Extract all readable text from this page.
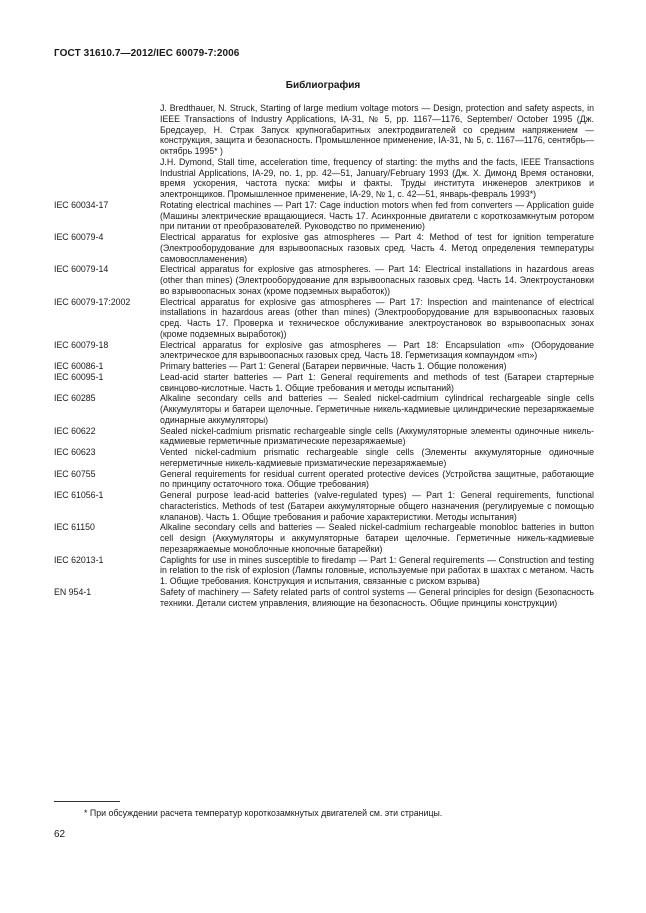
ГОСТ 31610.7—2012/IEC 60079-7:2006
Библиография
J. Bredthauer, N. Struck, Starting of large medium voltage motors — Design, protection and safety aspects, in IEEE Transactions of Industry Applications, IA-31, № 5, pp. 1167—1176, September/ October 1995 (Дж. Бредсауер, Н. Страк Запуск крупногабаритных электродвигателей со средним напряжением — конструкция, защита и безопасность. Промышленное применение, IA-31, № 5, с. 1167—1176, сентябрь—октябрь 1995* )
J.H. Dymond, Stall time, acceleration time, frequency of starting: the myths and the facts, IEEE Transactions Industrial Applications, IA-29, no. 1, pp. 42—51, January/February 1993 (Дж. Х. Димонд Время остановки, время ускорения, частота пуска: мифы и факты. Труды института инженеров электриков и электронщиков. Промышленное применение, IA-29, № 1, с. 42—51, январь-февраль 1993*)
IEC 60034-17	Rotating electrical machines — Part 17: Cage induction motors when fed from converters — Application guide (Машины электрические вращающиеся. Часть 17. Асинхронные двигатели с короткозамкнутым ротором при питании от преобразователей. Руководство по применению)
IEC 60079-4	Electrical apparatus for explosive gas atmospheres — Part 4: Method of test for ignition temperature (Электрооборудование для взрывоопасных газовых сред. Часть 4. Метод определения температуры самовоспламенения)
IEC 60079-14	Electrical apparatus for explosive gas atmospheres. — Part 14: Electrical installations in hazardous areas (other than mines) (Электрооборудование для взрывоопасных газовых сред. Часть 14. Электроустановки во взрывоопасных зонах (кроме подземных выработок))
IEC 60079-17:2002	Electrical apparatus for explosive gas atmospheres — Part 17: Inspection and maintenance of electrical installations in hazardous areas (other than mines) (Электрооборудование для взрывоопасных газовых сред. Часть 17. Проверка и техническое обслуживание электроустановок во взрывоопасных зонах (кроме подземных выработок))
IEC 60079-18	Electrical apparatus for explosive gas atmospheres — Part 18: Encapsulation «m» (Оборудование электрическое для взрывоопасных газовых сред. Часть 18. Герметизация компаундом «m»)
IEC 60086-1	Primary batteries — Part 1: General (Батареи первичные. Часть 1. Общие положения)
IEC 60095-1	Lead-acid starter batteries — Part 1: General requirements and methods of test (Батареи стартерные свинцово-кислотные. Часть 1. Общие требования и методы испытаний)
IEC 60285	Alkaline secondary cells and batteries — Sealed nickel-cadmium cylindrical rechargeable single cells (Аккумуляторы и батареи щелочные. Герметичные никель-кадмиевые цилиндрические перезаряжаемые одинарные аккумуляторы)
IEC 60622	Sealed nickel-cadmium prismatic rechargeable single cells (Аккумуляторные элементы одиночные никель-кадмиевые герметичные призматические перезаряжаемые)
IEC 60623	Vented nickel-cadmium prismatic rechargeable single cells (Элементы аккумуляторные одиночные негерметичные никель-кадмиевые призматические перезаряжаемые)
IEC 60755	General requirements for residual current operated protective devices (Устройства защитные, работающие по принципу остаточного тока. Общие требования)
IEC 61056-1	General purpose lead-acid batteries (valve-regulated types) — Part 1: General requirements, functional characteristics. Methods of test (Батареи аккумуляторные общего назначения (регулируемые с помощью клапанов). Часть 1. Общие требования и рабочие характеристики. Методы испытания)
IEC 61150	Alkaline secondary cells and batteries — Sealed nickel-cadmium rechargeable monobloc batteries in button cell design (Аккумуляторы и аккумуляторные батареи щелочные. Герметичные никель-кадмиевые перезаряжаемые моноблочные кнопочные батарейки)
IEC 62013-1	Caplights for use in mines susceptible to firedamp — Part 1: General requirements — Construction and testing in relation to the risk of explosion (Лампы головные, используемые при работах в шахтах с метаном. Часть 1. Общие требования. Конструкция и испытания, связанные с риском взрыва)
EN 954-1	Safety of machinery — Safety related parts of control systems — General principles for design (Безопасность техники. Детали систем управления, влияющие на безопасность. Общие принципы конструкции)
* При обсуждении расчета температур короткозамкнутых двигателей см. эти страницы.
62
